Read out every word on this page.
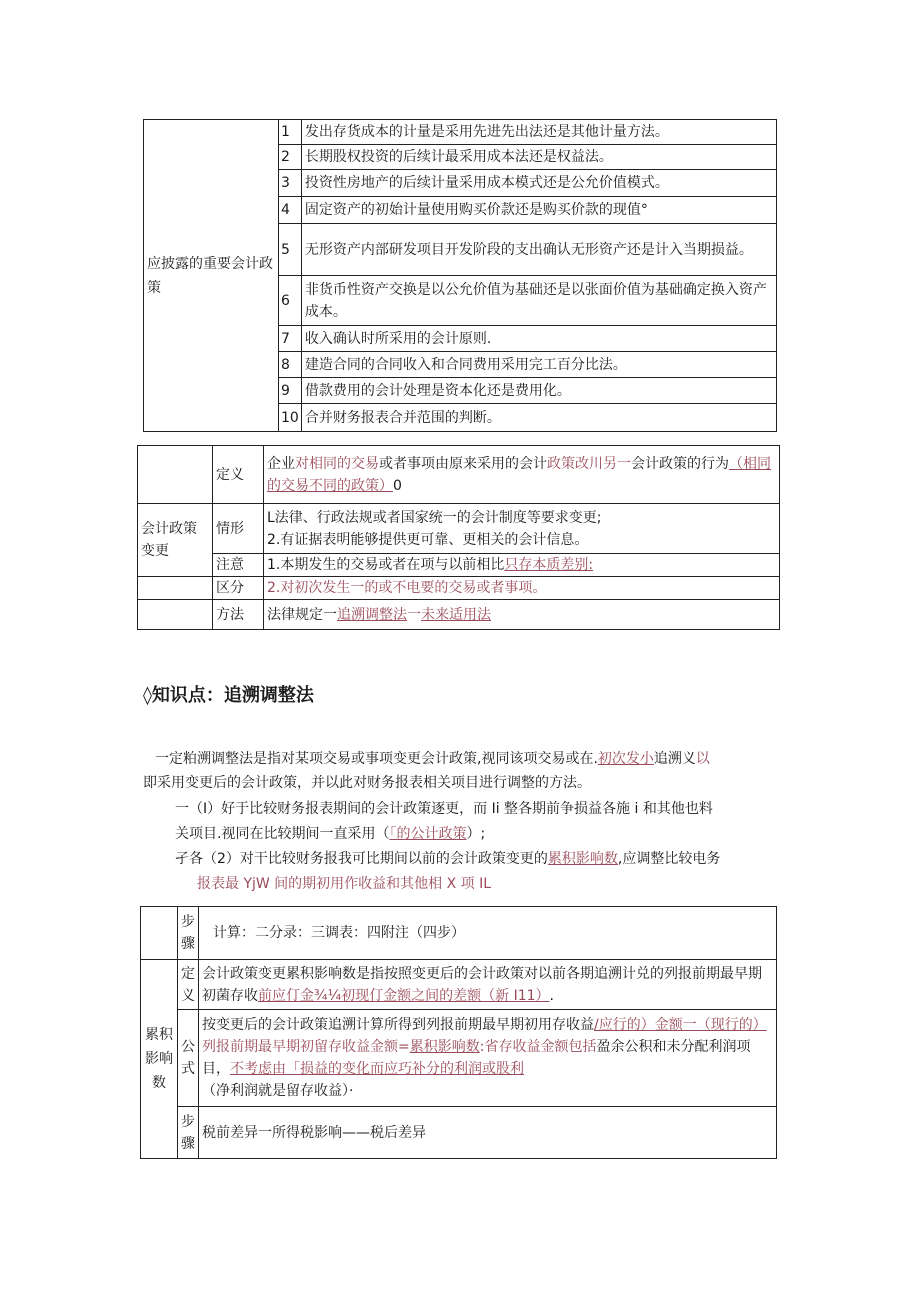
应披露的重要会计政策	1	发出存货成本的计量是采用先进先出法还是其他计量方法。
	2	长期股权投资的后续计最采用成本法还是权益法。
	3	投资性房地产的后续计量采用成本模式还是公允价值模式。
	4	固定资产的初始计量使用购买价款还是购买价款的现值°
	5	无形资产内部研发项目开发阶段的支出确认无形资产还是计入当期损益。
	6	非货币性资产交换是以公允价值为基础还是以张面价值为基础确定换入资产成本。
	7	收入确认时所采用的会计原则.
	8	建造合同的合同收入和合同费用采用完工百分比法。
	9	借款费用的会计处理是资本化还是费用化。
	10	合并财务报表合并范围的判断。
	定义	企业对相同的交易或者事项由原来采用的会计政策改川另一会计政策的行为（相同的交易不同的政策）0
会计政策变更	情形	L法律、行政法规或者国家统一的会计制度等要求变更;
2.有证据表明能够提供更可靠、更相关的会计信息。

	注意	1.本期发生的交易或者在项与以前相比只存本质差别:
	区分	2.对初次发生一的或不电要的交易或者事项。
	方法	法律规定一追溯调整法一未来适用法
◊知识点：追溯调整法
一定粕溯调整法是指对某项交易或事项变更会计政策,视同该项交易或在.初次发小追溯义以
即采用变更后的会计政策，并以此对财务报表相关项目进行调整的方法。
一（I）好于比较财务报表期间的会计政策逐更，而 Ii 整各期前争损益各施 i 和其他也料
关项目.视同在比较期间一直采用（「的公计政策）;
孑各（2）对干比较财务报我可比期间以前的会计政策变更的累积影响数,应调整比较电务
报表最 YjW 间的期初用作收益和其他相 X 项 IL
	步骤	计算：二分录：三调表：四附注（四步）
累积影响数	定义	会计政策变更累积影响数是指按照变更后的会计政策对以前各期追溯计兑的列报前期最早期初菌存收前应仃金¾¼初现仃金额之间的差额（新 I11）.
	公式	按变更后的会计政策追溯计算所得到列报前期最早期初用存收益/应行的）金额一（现行的）列报前期最早期初留存收益金额=累积影响数:省存收益金额包括盈余公积和未分配利润项目，不考虑由「损益的变化而应巧补分的利润或股利
（净利润就是留存收益）·
	步骤	税前差异一所得税影响——税后差异
